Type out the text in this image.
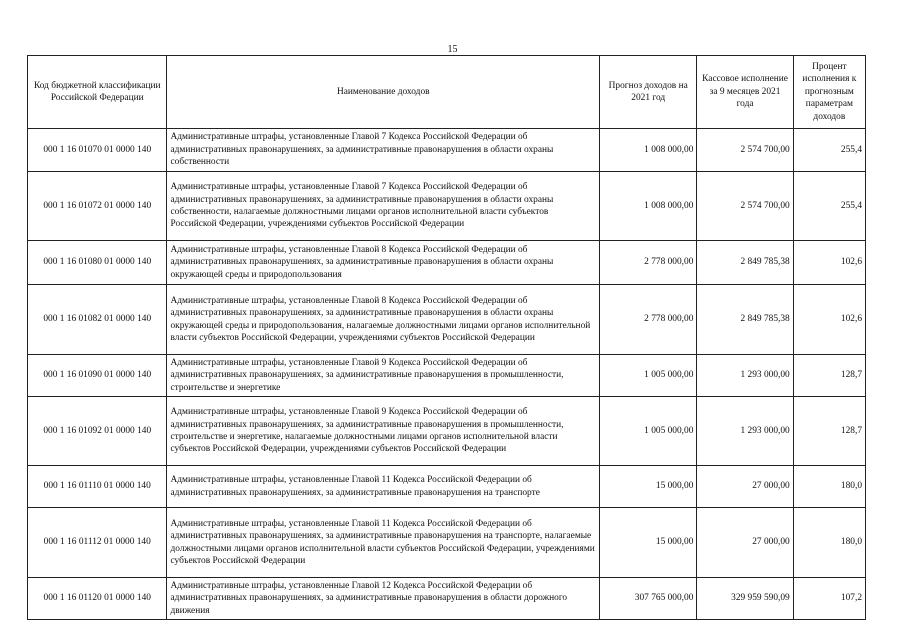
15
Код бюджетной классификации Российской Федерации	Наименование доходов	Прогноз доходов на 2021 год	Кассовое исполнение за 9 месяцев 2021 года	Процент исполнения к прогнозным параметрам доходов
000 1 16 01070 01 0000 140	Административные штрафы, установленные Главой 7 Кодекса Российской Федерации об административных правонарушениях, за административные правонарушения в области охраны собственности	1 008 000,00	2 574 700,00	255,4
000 1 16 01072 01 0000 140	Административные штрафы, установленные Главой 7 Кодекса Российской Федерации об административных правонарушениях, за административные правонарушения в области охраны собственности, налагаемые должностными лицами органов исполнительной власти субъектов Российской Федерации, учреждениями субъектов Российской Федерации	1 008 000,00	2 574 700,00	255,4
000 1 16 01080 01 0000 140	Административные штрафы, установленные Главой 8 Кодекса Российской Федерации об административных правонарушениях, за административные правонарушения в области охраны окружающей среды и природопользования	2 778 000,00	2 849 785,38	102,6
000 1 16 01082 01 0000 140	Административные штрафы, установленные Главой 8 Кодекса Российской Федерации об административных правонарушениях, за административные правонарушения в области охраны окружающей среды и природопользования, налагаемые должностными лицами органов исполнительной власти субъектов Российской Федерации, учреждениями субъектов Российской Федерации	2 778 000,00	2 849 785,38	102,6
000 1 16 01090 01 0000 140	Административные штрафы, установленные Главой 9 Кодекса Российской Федерации об административных правонарушениях, за административные правонарушения в промышленности, строительстве и энергетике	1 005 000,00	1 293 000,00	128,7
000 1 16 01092 01 0000 140	Административные штрафы, установленные Главой 9 Кодекса Российской Федерации об административных правонарушениях, за административные правонарушения в промышленности, строительстве и энергетике, налагаемые должностными лицами органов исполнительной власти субъектов Российской Федерации, учреждениями субъектов Российской Федерации	1 005 000,00	1 293 000,00	128,7
000 1 16 01110 01 0000 140	Административные штрафы, установленные Главой 11 Кодекса Российской Федерации об административных правонарушениях, за административные правонарушения на транспорте	15 000,00	27 000,00	180,0
000 1 16 01112 01 0000 140	Административные штрафы, установленные Главой 11 Кодекса Российской Федерации об административных правонарушениях, за административные правонарушения на транспорте, налагаемые должностными лицами органов исполнительной власти субъектов Российской Федерации, учреждениями субъектов Российской Федерации	15 000,00	27 000,00	180,0
000 1 16 01120 01 0000 140	Административные штрафы, установленные Главой 12 Кодекса Российской Федерации об административных правонарушениях, за административные правонарушения в области дорожного движения	307 765 000,00	329 959 590,09	107,2
